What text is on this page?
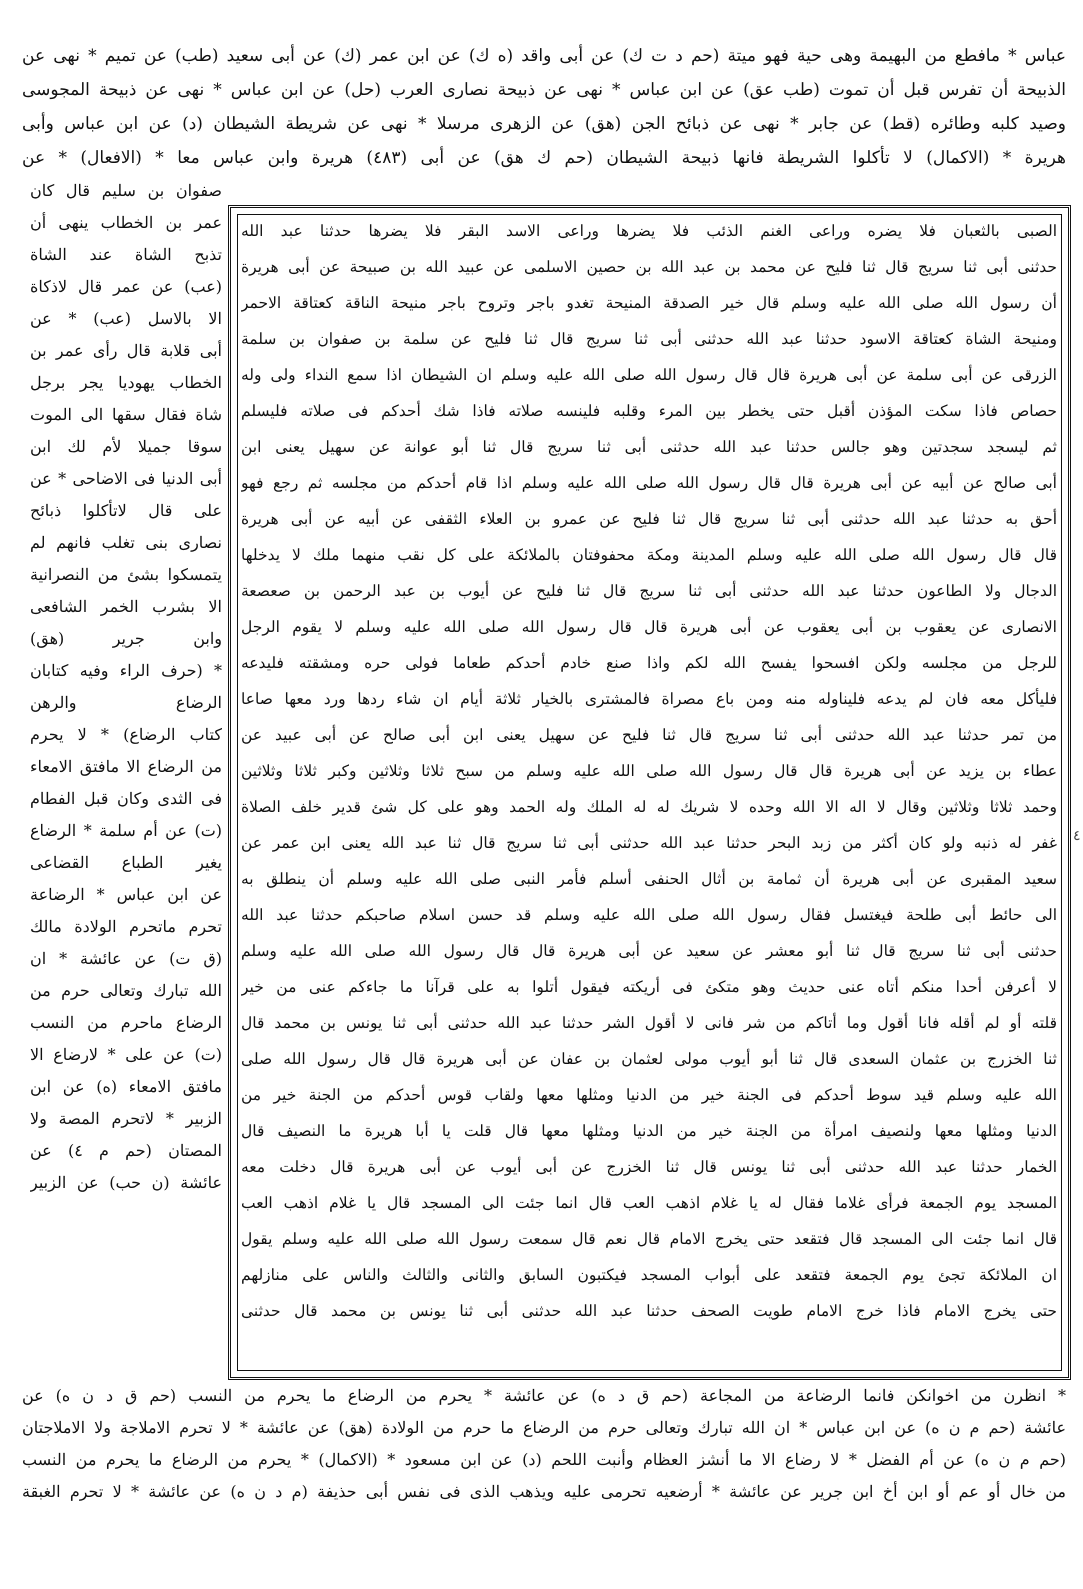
عباس * مافطع من البهيمة وهى حية فهو ميتة (حم د ت ك) عن أبى واقد (ه ك) عن ابن عمر (ك) عن أبى سعيد (طب) عن تميم * نهى عن
الذبيحة أن تفرس قبل أن تموت (طب عق) عن ابن عباس * نهى عن ذبيحة نصارى العرب (حل) عن ابن عباس * نهى عن ذبيحة المجوسى
وصيد كلبه وطائره (قط) عن جابر * نهى عن ذبائح الجن (هق) عن الزهرى مرسلا * نهى عن شريطة الشيطان (د) عن ابن عباس وأبى
هريرة * (الاكمال) لا تأكلوا الشريطة فانها ذبيحة الشيطان (حم ك هق) عن أبى (٤٨٣) هريرة وابن عباس معا * (الافعال) * عن
صفوان بن سليم قال كان
عمر بن الخطاب ينهى أن
تذبح الشاة عند الشاة
(عب) عن عمر قال لاذكاة
الا بالاسل (عب) * عن
أبى قلابة قال رأى عمر بن
الخطاب يهوديا يجر برجل
شاة فقال سقها الى الموت
سوقا جميلا لأم لك ابن
أبى الدنيا فى الاضاحى * عن
على قال لاتأكلوا ذبائح
نصارى بنى تغلب فانهم لم
يتمسكوا بشئ من النصرانية
الا بشرب الخمر الشافعى
وابن جرير (هق)
* (حرف الراء وفيه كتابان
الرضاع والرهن
كتاب الرضاع) * لا يحرم
من الرضاع الا مافتق الامعاء
فى الثدى وكان قبل الفطام
(ت) عن أم سلمة * الرضاع
يغير الطباع القضاعى
عن ابن عباس * الرضاعة
تحرم ماتحرم الولادة مالك
(ق ت) عن عائشة * ان
الله تبارك وتعالى حرم من
الرضاع ماحرم من النسب
(ت) عن على * لارضاع الا
مافتق الامعاء (ه) عن ابن
الزبير * لاتحرم المصة ولا
المصتان (حم م ٤) عن
عائشة (ن حب) عن الزبير
الصبى بالثعبان فلا يضره وراعى الغنم الذئب فلا يضرها وراعى الاسد البقر فلا يضرها حدثنا عبد الله
حدثنى أبى ثنا سريج قال ثنا فليح عن محمد بن عبد الله بن حصين الاسلمى عن عبيد الله بن صبيحة عن أبى هريرة
أن رسول الله صلى الله عليه وسلم قال خير الصدقة المنيحة تغدو باجر وتروح باجر منيحة الناقة كعتاقة الاحمر
ومنيحة الشاة كعتاقة الاسود حدثنا عبد الله حدثنى أبى ثنا سريج قال ثنا فليح عن سلمة بن صفوان بن سلمة
الزرقى عن أبى سلمة عن أبى هريرة قال قال رسول الله صلى الله عليه وسلم ان الشيطان اذا سمع النداء ولى وله
حصاص فاذا سكت المؤذن أقبل حتى يخطر بين المرء وقلبه فلينسه صلاته فاذا شك أحدكم فى صلاته فليسلم
ثم ليسجد سجدتين وهو جالس حدثنا عبد الله حدثنى أبى ثنا سريج قال ثنا أبو عوانة عن سهيل يعنى ابن
أبى صالح عن أبيه عن أبى هريرة قال قال رسول الله صلى الله عليه وسلم اذا قام أحدكم من مجلسه ثم رجع فهو
أحق به حدثنا عبد الله حدثنى أبى ثنا سريج قال ثنا فليح عن عمرو بن العلاء الثقفى عن أبيه عن أبى هريرة
قال قال رسول الله صلى الله عليه وسلم المدينة ومكة محفوفتان بالملائكة على كل نقب منهما ملك لا يدخلها
الدجال ولا الطاعون حدثنا عبد الله حدثنى أبى ثنا سريج قال ثنا فليح عن أيوب بن عبد الرحمن بن صعصعة
الانصارى عن يعقوب بن أبى يعقوب عن أبى هريرة قال قال رسول الله صلى الله عليه وسلم لا يقوم الرجل
للرجل من مجلسه ولكن افسحوا يفسح الله لكم واذا صنع خادم أحدكم طعاما فولى حره ومشقته فليدعه
فليأكل معه فان لم يدعه فليناوله منه ومن باع مصراة فالمشترى بالخيار ثلاثة أيام ان شاء ردها ورد معها صاعا
من تمر حدثنا عبد الله حدثنى أبى ثنا سريج قال ثنا فليح عن سهيل يعنى ابن أبى صالح عن أبى عبيد عن
عطاء بن يزيد عن أبى هريرة قال قال رسول الله صلى الله عليه وسلم من سبح ثلاثا وثلاثين وكبر ثلاثا وثلاثين
وحمد ثلاثا وثلاثين وقال لا اله الا الله وحده لا شريك له له الملك وله الحمد وهو على كل شئ قدير خلف الصلاة
غفر له ذنبه ولو كان أكثر من زبد البحر حدثنا عبد الله حدثنى أبى ثنا سريج قال ثنا عبد الله يعنى ابن عمر عن
سعيد المقبرى عن أبى هريرة أن ثمامة بن أثال الحنفى أسلم فأمر النبى صلى الله عليه وسلم أن ينطلق به
الى حائط أبى طلحة فيغتسل فقال رسول الله صلى الله عليه وسلم قد حسن اسلام صاحبكم حدثنا عبد الله
حدثنى أبى ثنا سريج قال ثنا أبو معشر عن سعيد عن أبى هريرة قال قال رسول الله صلى الله عليه وسلم
لا أعرفن أحدا منكم أتاه عنى حديث وهو متكئ فى أريكته فيقول أتلوا به على قرآنا ما جاءكم عنى من خير
قلته أو لم أقله فانا أقول وما أتاكم من شر فانى لا أقول الشر حدثنا عبد الله حدثنى أبى ثنا يونس بن محمد قال
ثنا الخزرج بن عثمان السعدى قال ثنا أبو أيوب مولى لعثمان بن عفان عن أبى هريرة قال قال رسول الله صلى
الله عليه وسلم قيد سوط أحدكم فى الجنة خير من الدنيا ومثلها معها ولقاب قوس أحدكم من الجنة خير من
الدنيا ومثلها معها ولنصيف امرأة من الجنة خير من الدنيا ومثلها معها قال قلت يا أبا هريرة ما النصيف قال
الخمار حدثنا عبد الله حدثنى أبى ثنا يونس قال ثنا الخزرج عن أبى أيوب عن أبى هريرة قال دخلت معه
المسجد يوم الجمعة فرأى غلاما فقال له يا غلام اذهب العب قال انما جئت الى المسجد قال يا غلام اذهب العب
قال انما جئت الى المسجد قال فتقعد حتى يخرج الامام قال نعم قال سمعت رسول الله صلى الله عليه وسلم يقول
ان الملائكة تجئ يوم الجمعة فتقعد على أبواب المسجد فيكتبون السابق والثانى والثالث والناس على منازلهم
حتى يخرج الامام فاذا خرج الامام طويت الصحف حدثنا عبد الله حدثنى أبى ثنا يونس بن محمد قال حدثنى
* انظرن من اخوانكن فانما الرضاعة من المجاعة (حم ق د ه) عن عائشة * يحرم من الرضاع ما يحرم من النسب (حم ق د ن ه) عن
عائشة (حم م ن ه) عن ابن عباس * ان الله تبارك وتعالى حرم من الرضاع ما حرم من الولادة (هق) عن عائشة * لا تحرم الاملاجة ولا الاملاجتان
(حم م ن ه) عن أم الفضل * لا رضاع الا ما أنشز العظام وأنبت اللحم (د) عن ابن مسعود * (الاكمال) * يحرم من الرضاع ما يحرم من النسب
من خال أو عم أو ابن أخ ابن جرير عن عائشة * أرضعيه تحرمى عليه ويذهب الذى فى نفس أبى حذيفة (م د ن ه) عن عائشة * لا تحرم الغبقة
٤
